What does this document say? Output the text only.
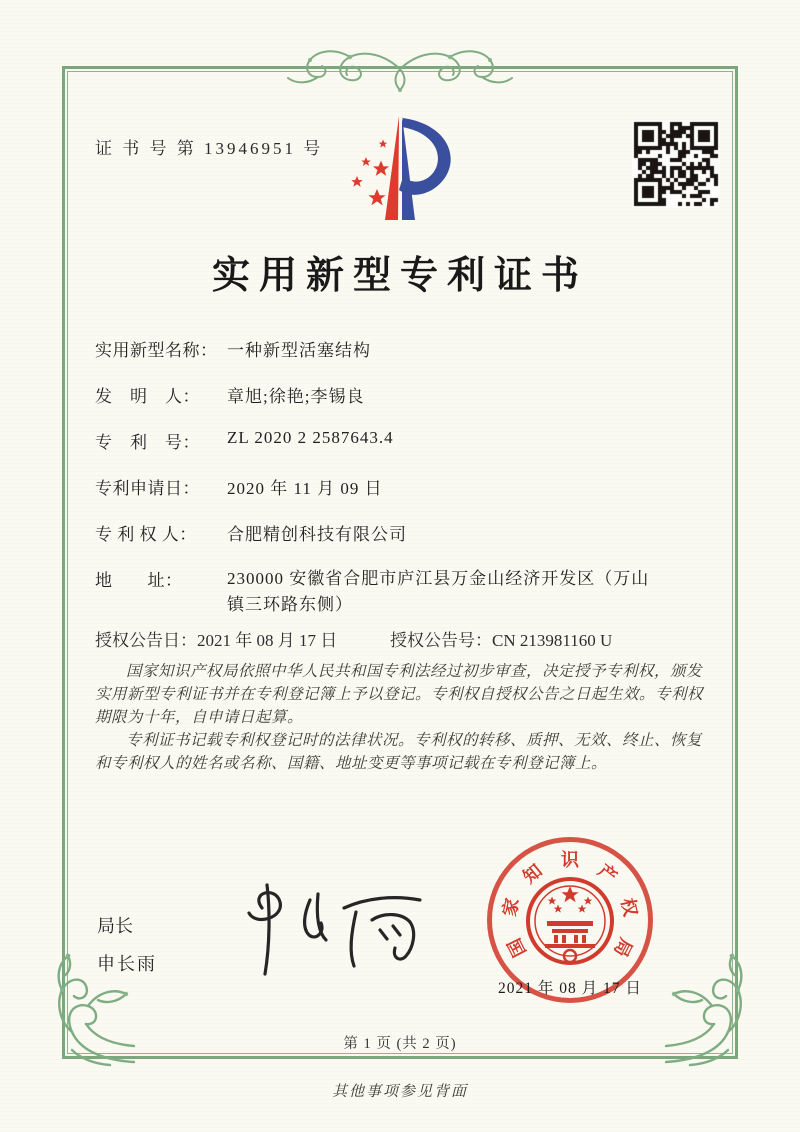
证 书 号 第 13946951 号
实用新型专利证书
实用新型名称： 一种新型活塞结构
发　明　人：	章旭;徐艳;李锡良
专　利　号：	ZL 2020 2 2587643.4
专利申请日：	2020 年 11 月 09 日
专 利 权 人：	合肥精创科技有限公司
地　　址：	230000 安徽省合肥市庐江县万金山经济开发区（万山镇三环路东侧）
授权公告日：2021 年 08 月 17 日	授权公告号：CN 213981160 U

国家知识产权局依照中华人民共和国专利法经过初步审查，决定授予专利权，颁发实用新型专利证书并在专利登记簿上予以登记。专利权自授权公告之日起生效。专利权期限为十年，自申请日起算。

专利证书记载专利权登记时的法律状况。专利权的转移、质押、无效、终止、恢复和专利权人的姓名或名称、国籍、地址变更等事项记载在专利登记簿上。

局长
申长雨
国
家
知 识 产
权
局
2021 年 08 月 17 日
第 1 页 (共 2 页)
其他事项参见背面
